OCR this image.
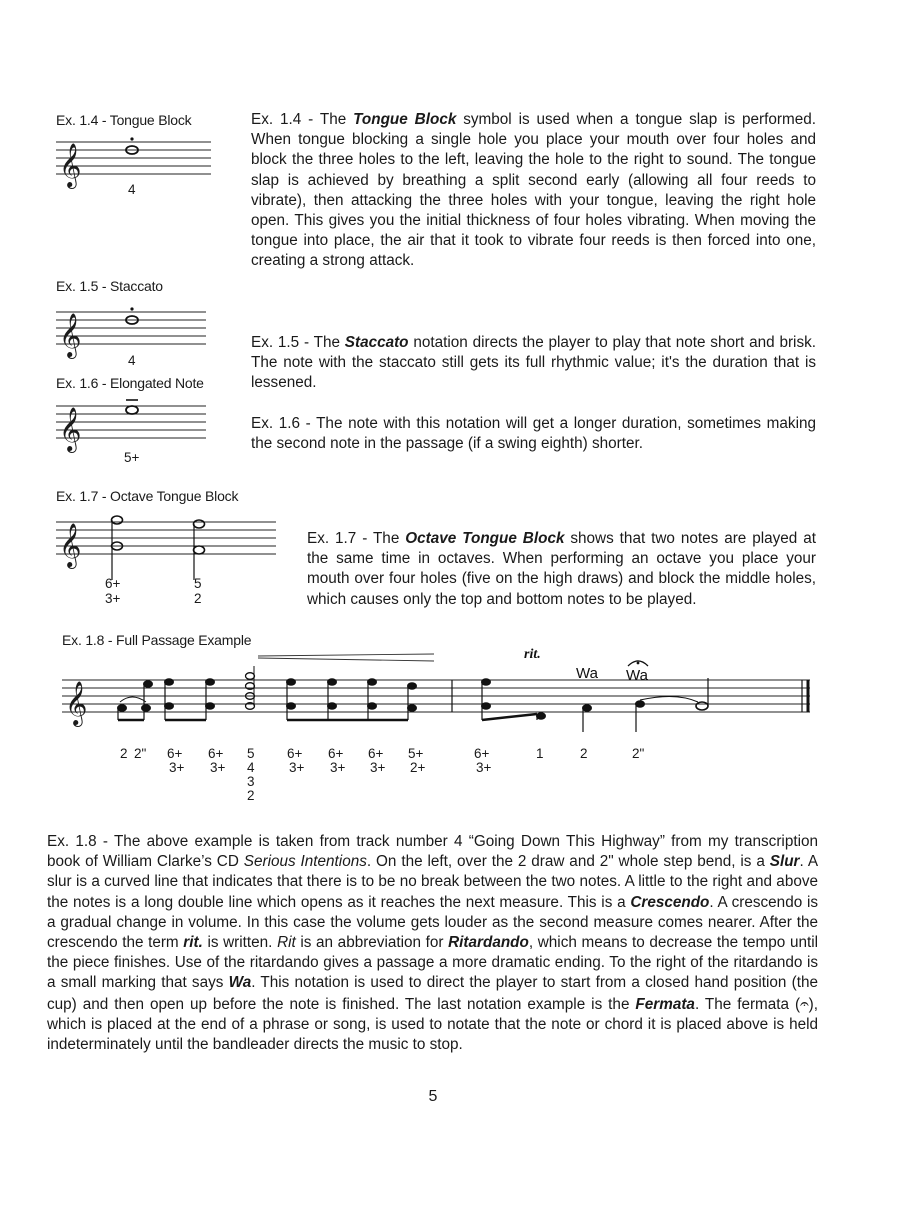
Ex. 1.4 - Tongue Block
𝄞
4
Ex. 1.5 - Staccato
𝄞
4
Ex. 1.6 - Elongated Note
𝄞
5+
Ex. 1.7 - Octave Tongue Block
𝄞
6+
3+
5
2
Ex. 1.8 - Full Passage Example
𝄞
rit.
Wa Wa
2 2" 6+
3+
6+
3+
5
4
3
2
6+
3+
6+
3+
6+
3+
5+
2+
6+
3+
1	2	2"

Ex. 1.4 - The Tongue Block symbol is used when a tongue slap is performed. When tongue blocking a single hole you place your mouth over four holes and block the three holes to the left, leaving the hole to the right to sound. The tongue slap is achieved by breathing a split second early (allowing all four reeds to vibrate), then attacking the three holes with your tongue, leaving the right hole open. This gives you the initial thickness of four holes vibrating. When moving the tongue into place, the air that it took to vibrate four reeds is then forced into one, creating a strong attack.

Ex. 1.5 - The Staccato notation directs the player to play that note short and brisk. The note with the staccato still gets its full rhythmic value; it's the duration that is lessened.

Ex. 1.6 - The note with this notation will get a longer duration, sometimes making the second note in the passage (if a swing eighth) shorter.

Ex. 1.7 - The Octave Tongue Block shows that two notes are played at the same time in octaves. When performing an octave you place your mouth over four holes (five on the high draws) and block the middle holes, which causes only the top and bottom notes to be played.

Ex. 1.8 - The above example is taken from track number 4 “Going Down This Highway” from my transcription book of William Clarke’s CD Serious Intentions. On the left, over the 2 draw and 2" whole step bend, is a Slur. A slur is a curved line that indicates that there is to be no break between the two notes. A little to the right and above the notes is a long double line which opens as it reaches the next measure. This is a Crescendo. A crescendo is a gradual change in volume. In this case the volume gets louder as the second measure comes nearer. After the crescendo the term rit. is written. Rit is an abbreviation for Ritardando, which means to decrease the tempo until the piece finishes. Use of the ritardando gives a passage a more dramatic ending. To the right of the ritardando is a small marking that says Wa. This notation is used to direct the player to start from a closed hand position (the cup) and then open up before the note is finished. The last notation example is the Fermata. The fermata (𝄐), which is placed at the end of a phrase or song, is used to notate that the note or chord it is placed above is held indeterminately until the bandleader directs the music to stop.

5
